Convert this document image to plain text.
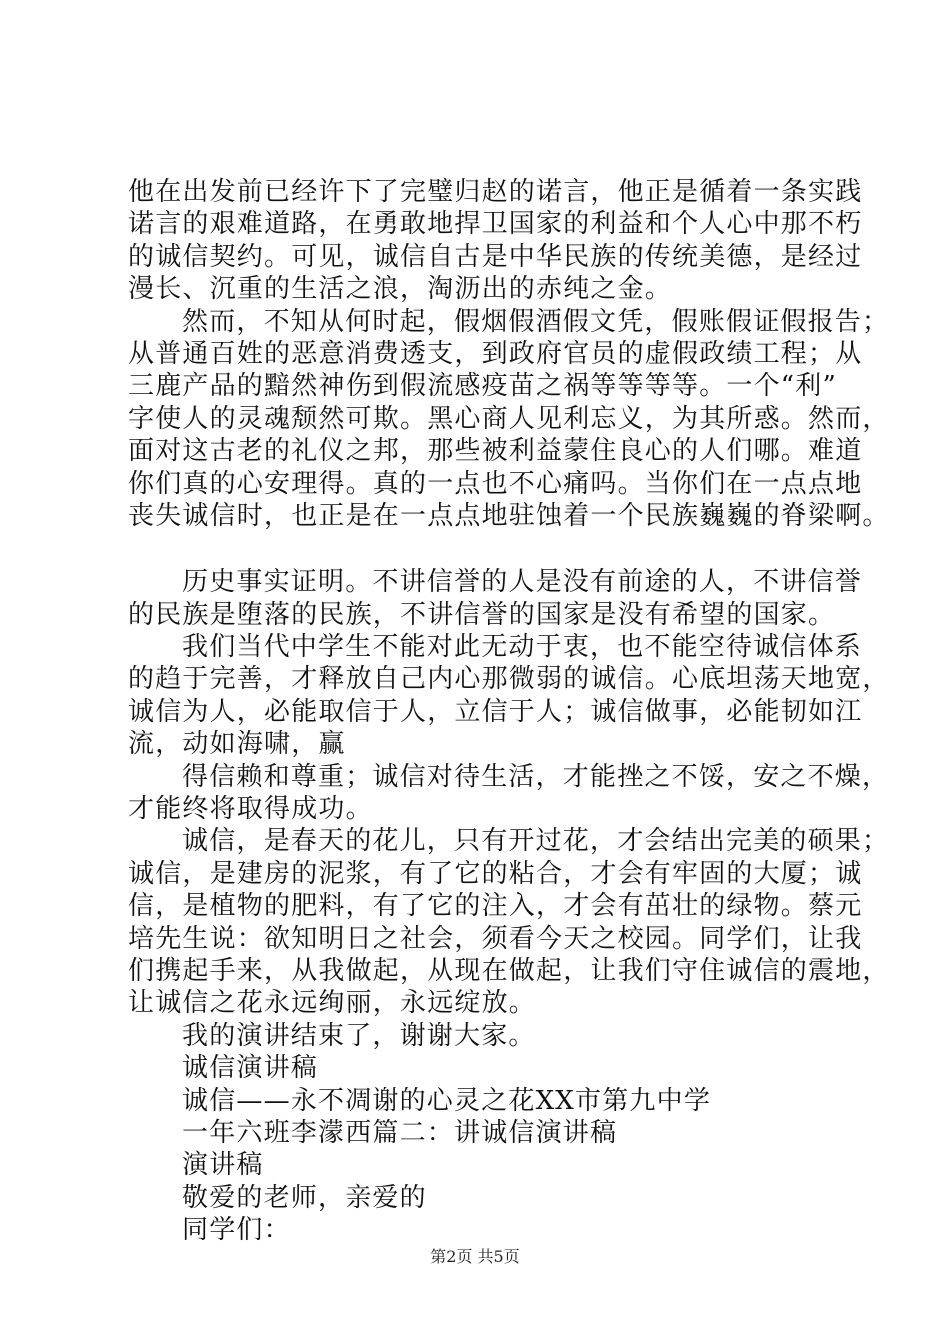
他在出发前已经许下了完璧归赵的诺言，他正是循着一条实践
诺言的艰难道路，在勇敢地捍卫国家的利益和个人心中那不朽
的诚信契约。可见，诚信自古是中华民族的传统美德，是经过
漫长、沉重的生活之浪，淘沥出的赤纯之金。
然而，不知从何时起，假烟假酒假文凭，假账假证假报告；
从普通百姓的恶意消费透支，到政府官员的虚假政绩工程；从
三鹿产品的黯然神伤到假流感疫苗之祸等等等等。一个“利”
字使人的灵魂颓然可欺。黑心商人见利忘义，为其所惑。然而，
面对这古老的礼仪之邦，那些被利益蒙住良心的人们哪。难道
你们真的心安理得。真的一点也不心痛吗。当你们在一点点地
丧失诚信时，也正是在一点点地驻蚀着一个民族巍巍的脊梁啊。
历史事实证明。不讲信誉的人是没有前途的人，不讲信誉
的民族是堕落的民族，不讲信誉的国家是没有希望的国家。
我们当代中学生不能对此无动于衷，也不能空待诚信体系
的趋于完善，才释放自己内心那微弱的诚信。心底坦荡天地宽，
诚信为人，必能取信于人，立信于人；诚信做事，必能韧如江
流，动如海啸，赢
得信赖和尊重；诚信对待生活，才能挫之不馁，安之不燥，
才能终将取得成功。
诚信，是春天的花儿，只有开过花，才会结出完美的硕果；
诚信，是建房的泥浆，有了它的粘合，才会有牢固的大厦；诚
信，是植物的肥料，有了它的注入，才会有茁壮的绿物。蔡元
培先生说：欲知明日之社会，须看今天之校园。同学们，让我
们携起手来，从我做起，从现在做起，让我们守住诚信的震地，
让诚信之花永远绚丽，永远绽放。
我的演讲结束了，谢谢大家。
诚信演讲稿
诚信——永不凋谢的心灵之花XX市第九中学
一年六班李濛西篇二：讲诚信演讲稿
演讲稿
敬爱的老师，亲爱的
同学们：
第2页 共5页
